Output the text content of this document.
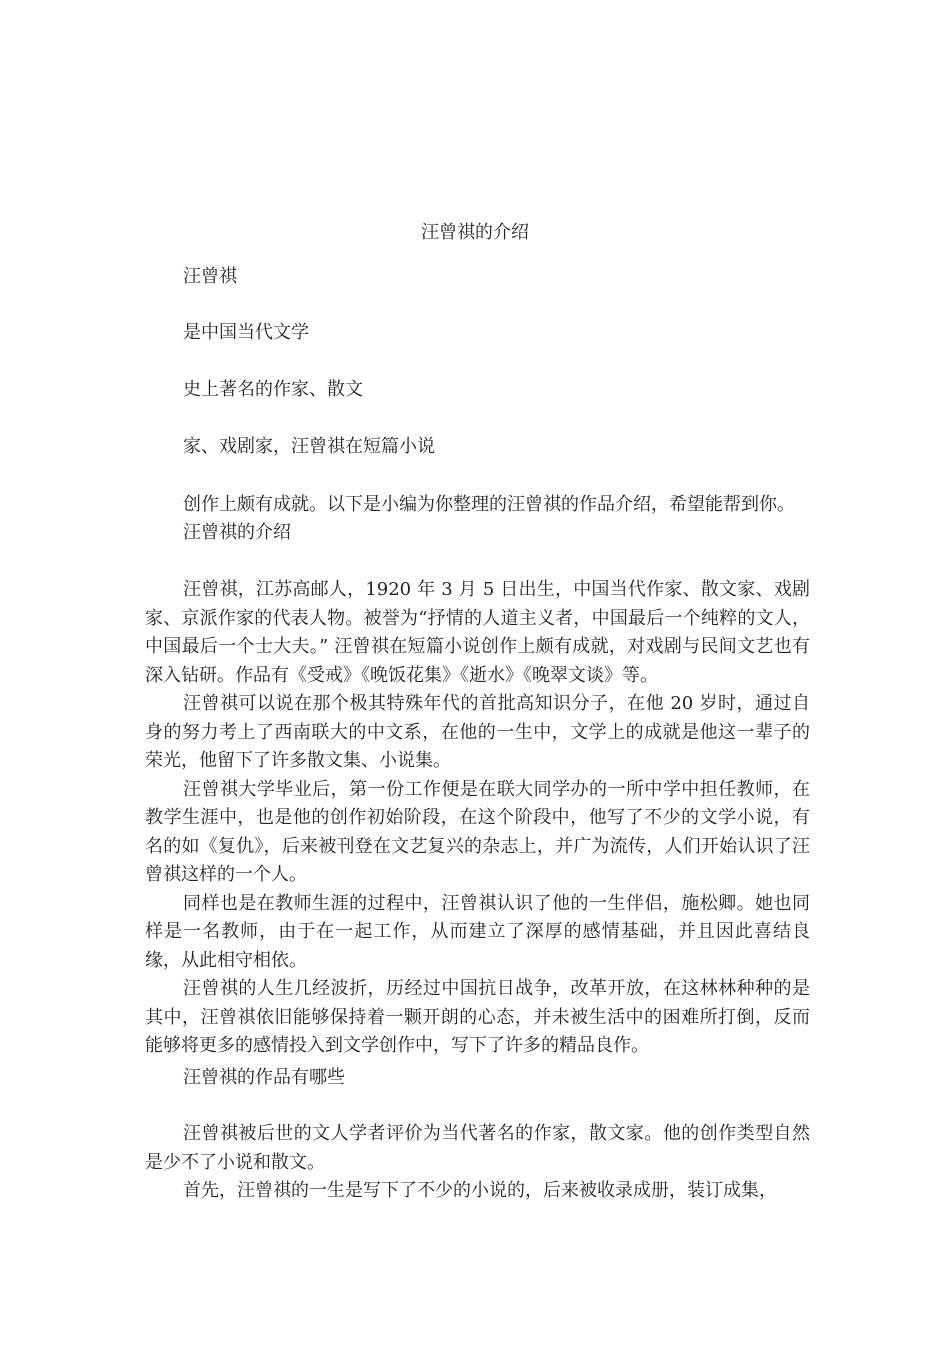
汪曾祺的介绍
汪曾祺
是中国当代文学
史上著名的作家、散文
家、戏剧家，汪曾祺在短篇小说
创作上颇有成就。以下是小编为你整理的汪曾祺的作品介绍，希望能帮到你。
汪曾祺的介绍

汪曾祺，江苏高邮人，1920 年 3 月 5 日出生，中国当代作家、散文家、戏剧家、京派作家的代表人物。被誉为“抒情的人道主义者，中国最后一个纯粹的文人，中国最后一个士大夫。” 汪曾祺在短篇小说创作上颇有成就，对戏剧与民间文艺也有深入钻研。作品有《受戒》《晚饭花集》《逝水》《晚翠文谈》等。

汪曾祺可以说在那个极其特殊年代的首批高知识分子，在他 20 岁时，通过自身的努力考上了西南联大的中文系，在他的一生中，文学上的成就是他这一辈子的荣光，他留下了许多散文集、小说集。

汪曾祺大学毕业后，第一份工作便是在联大同学办的一所中学中担任教师，在教学生涯中，也是他的创作初始阶段，在这个阶段中，他写了不少的文学小说，有名的如《复仇》，后来被刊登在文艺复兴的杂志上，并广为流传，人们开始认识了汪曾祺这样的一个人。

同样也是在教师生涯的过程中，汪曾祺认识了他的一生伴侣，施松卿。她也同样是一名教师，由于在一起工作，从而建立了深厚的感情基础，并且因此喜结良缘，从此相守相依。

汪曾祺的人生几经波折，历经过中国抗日战争，改革开放，在这林林种种的是其中，汪曾祺依旧能够保持着一颗开朗的心态，并未被生活中的困难所打倒，反而能够将更多的感情投入到文学创作中，写下了许多的精品良作。

汪曾祺的作品有哪些

汪曾祺被后世的文人学者评价为当代著名的作家，散文家。他的创作类型自然是少不了小说和散文。

首先，汪曾祺的一生是写下了不少的小说的，后来被收录成册，装订成集，
